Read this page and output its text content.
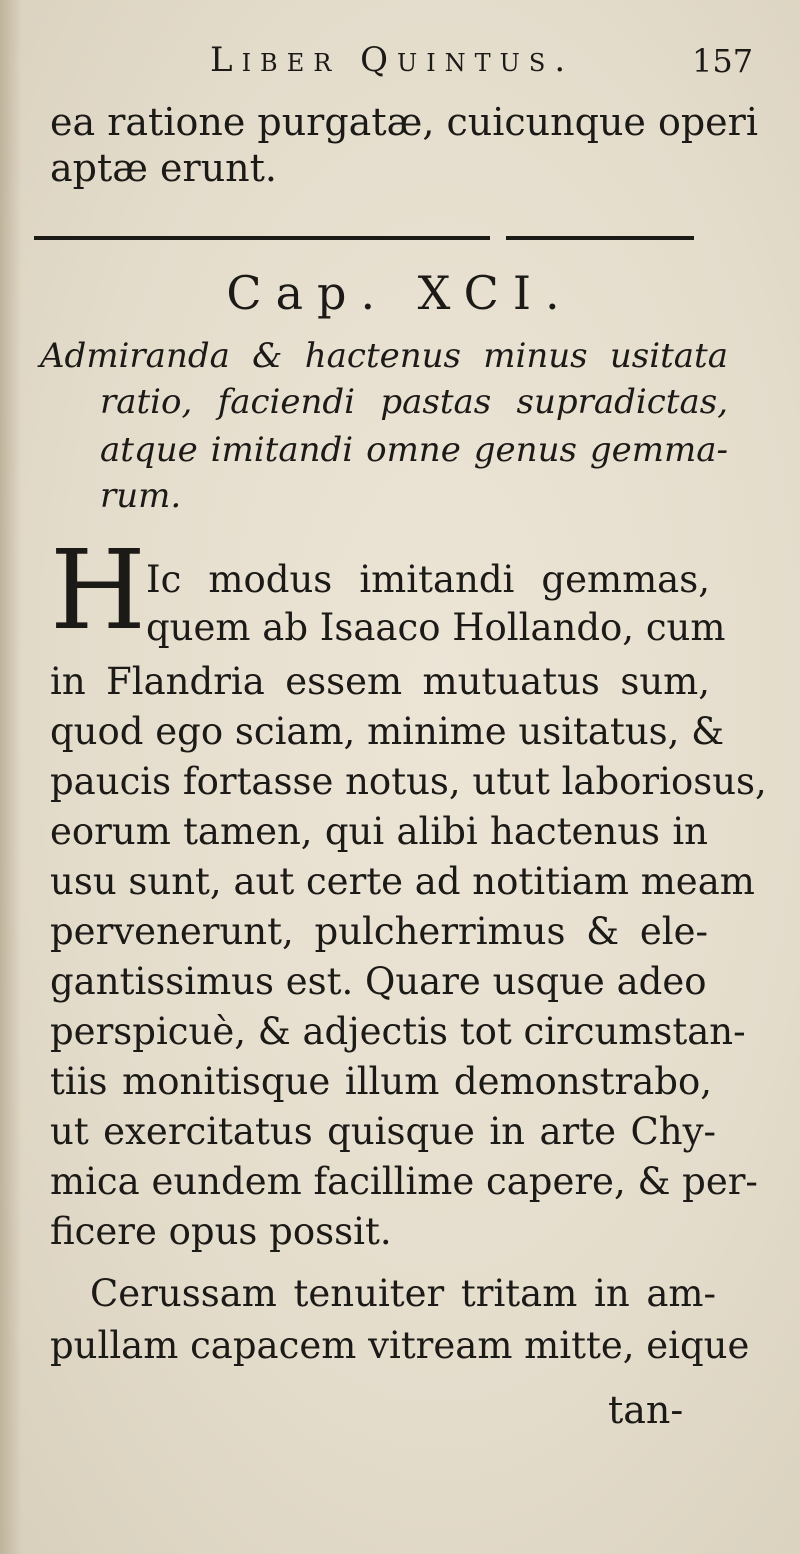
Liber Quintus.	157
ea ratione purgatæ, cuicunque operi
aptæ erunt.
Cap. XCI.
Admiranda & hactenus minus usitata
ratio, faciendi pastas supradictas,
atque imitandi omne genus gemma-
rum.
H Ic modus imitandi gemmas,
quem ab Isaaco Hollando, cum
in Flandria essem mutuatus sum,
quod ego sciam, minime usitatus, &
paucis fortasse notus, utut laboriosus,
eorum tamen, qui alibi hactenus in
usu sunt, aut certe ad notitiam meam
pervenerunt, pulcherrimus & ele-
gantissimus est. Quare usque adeo
perspicuè, & adjectis tot circumstan-
tiis monitisque illum demonstrabo,
ut exercitatus quisque in arte Chy-
mica eundem facillime capere, & per-
ficere opus possit.
Cerussam tenuiter tritam in am-
pullam capacem vitream mitte, eique
tan-
